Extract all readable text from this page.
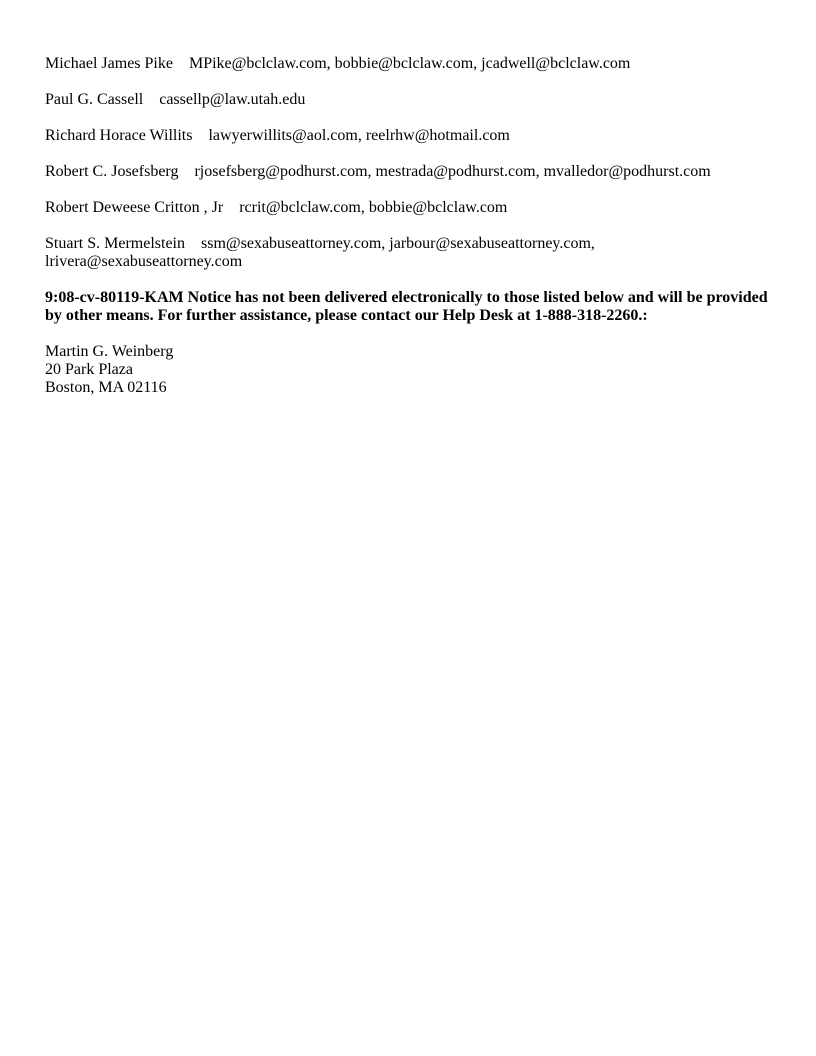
Michael James Pike MPike@bclclaw.com, bobbie@bclclaw.com, jcadwell@bclclaw.com
Paul G. Cassell cassellp@law.utah.edu
Richard Horace Willits lawyerwillits@aol.com, reelrhw@hotmail.com
Robert C. Josefsberg rjosefsberg@podhurst.com, mestrada@podhurst.com, mvalledor@podhurst.com
Robert Deweese Critton , Jr rcrit@bclclaw.com, bobbie@bclclaw.com
Stuart S. Mermelstein ssm@sexabuseattorney.com, jarbour@sexabuseattorney.com, lrivera@sexabuseattorney.com
9:08-cv-80119-KAM Notice has not been delivered electronically to those listed below and will be provided by other means. For further assistance, please contact our Help Desk at 1-888-318-2260.:
Martin G. Weinberg
20 Park Plaza
Boston, MA 02116
